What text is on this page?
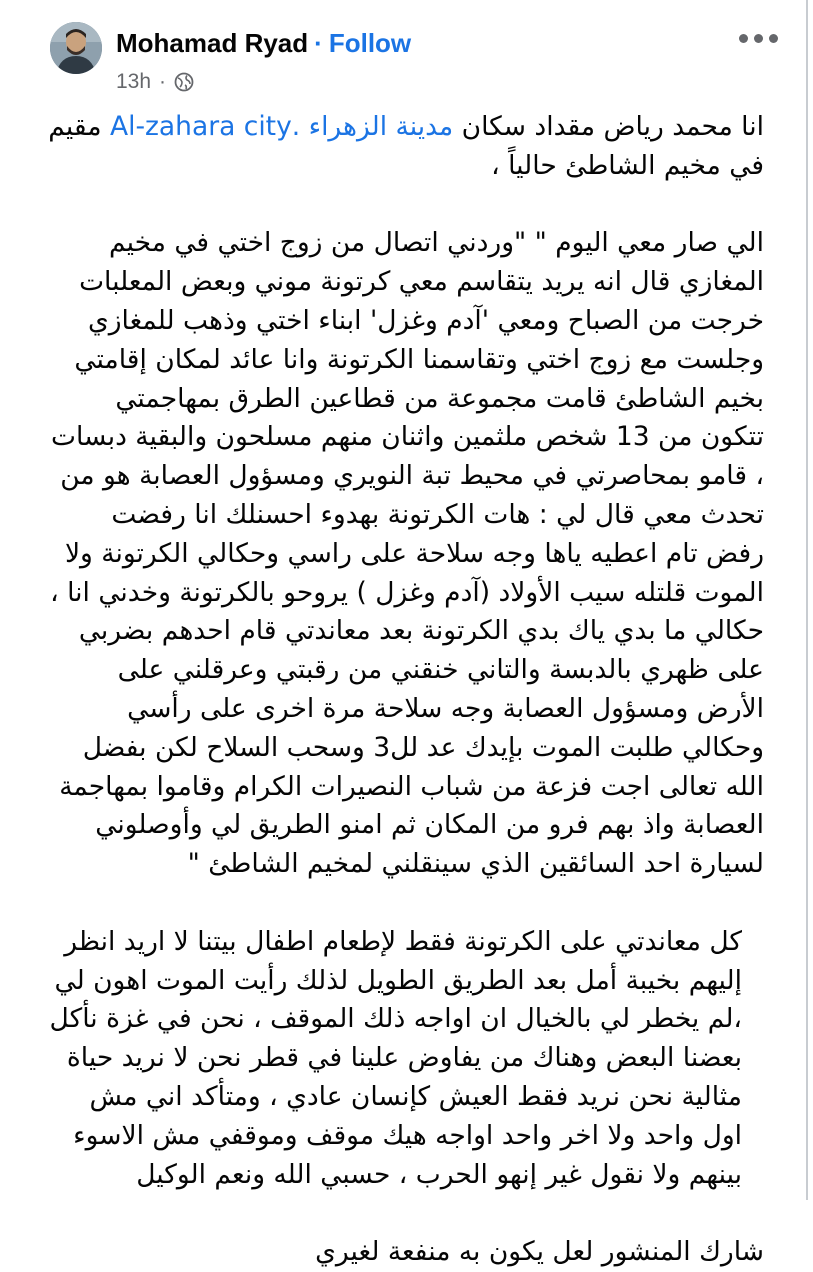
Mohamad Ryad · Follow
13h ·

انا محمد رياض مقداد سكان مدينة الزهراء .Al-zahara city مقيم في مخيم الشاطئ حالياً ،

الي صار معي اليوم " "وردني اتصال من زوج اختي في مخيم المغازي قال انه يريد يتقاسم معي كرتونة موني وبعض المعلبات خرجت من الصباح ومعي 'آدم وغزل' ابناء اختي وذهب للمغازي وجلست مع زوج اختي وتقاسمنا الكرتونة وانا عائد لمكان إقامتي بخيم الشاطئ قامت مجموعة من قطاعين الطرق بمهاجمتي تتكون من 13 شخص ملثمين واثنان منهم مسلحون والبقية دبسات ، قامو بمحاصرتي في محيط تبة النويري ومسؤول العصابة هو من تحدث معي قال لي : هات الكرتونة بهدوء احسنلك انا رفضت رفض تام اعطيه ياها وجه سلاحة على راسي وحكالي الكرتونة ولا الموت قلتله سيب الأولاد (آدم وغزل ) يروحو بالكرتونة وخدني انا ، حكالي ما بدي ياك بدي الكرتونة بعد معاندتي قام احدهم بضربي على ظهري بالدبسة والتاني خنقني من رقبتي وعرقلني على الأرض ومسؤول العصابة وجه سلاحة مرة اخرى على رأسي وحكالي طلبت الموت بإيدك عد لل3 وسحب السلاح لكن بفضل الله تعالى اجت فزعة من شباب النصيرات الكرام وقاموا بمهاجمة العصابة واذ بهم فرو من المكان ثم امنو الطريق لي وأوصلوني لسيارة احد السائقين الذي سينقلني لمخيم الشاطئ "

كل معاندتي على الكرتونة فقط لإطعام اطفال بيتنا لا اريد انظر إليهم بخيبة أمل بعد الطريق الطويل لذلك رأيت الموت اهون لي ،لم يخطر لي بالخيال ان اواجه ذلك الموقف ، نحن في غزة نأكل بعضنا البعض وهناك من يفاوض علينا في قطر نحن لا نريد حياة مثالية نحن نريد فقط العيش كإنسان عادي ، ومتأكد اني مش اول واحد ولا اخر واحد اواجه هيك موقف وموقفي مش الاسوء بينهم ولا نقول غير إنهو الحرب ، حسبي الله ونعم الوكيل

شارك المنشور لعل يكون به منفعة لغيري
